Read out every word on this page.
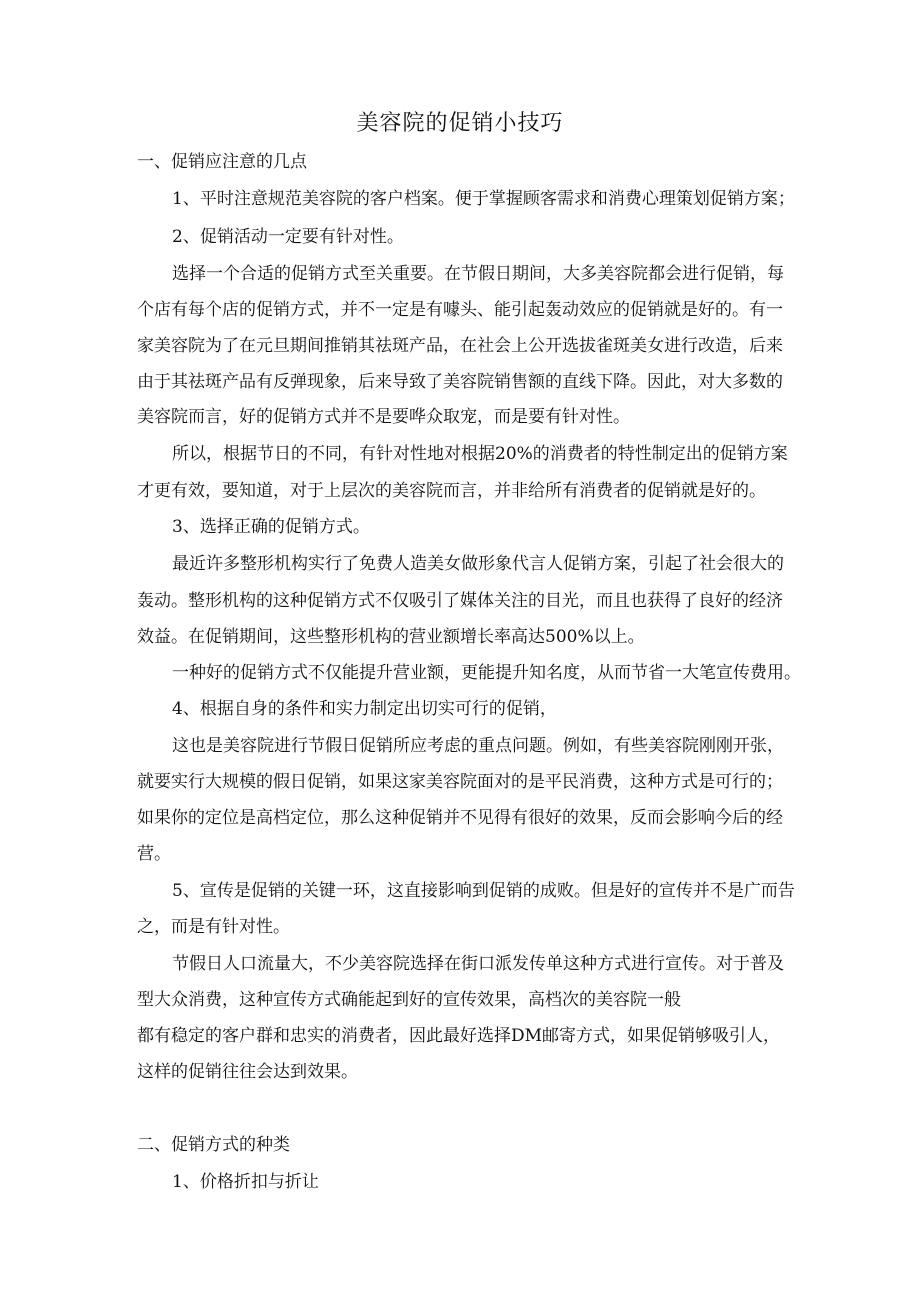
美容院的促销小技巧
一、促销应注意的几点
1、平时注意规范美容院的客户档案。便于掌握顾客需求和消费心理策划促销方案；
2、促销活动一定要有针对性。
选择一个合适的促销方式至关重要。在节假日期间，大多美容院都会进行促销，每
个店有每个店的促销方式，并不一定是有噱头、能引起轰动效应的促销就是好的。有一
家美容院为了在元旦期间推销其祛斑产品，在社会上公开选拔雀斑美女进行改造，后来
由于其祛斑产品有反弹现象，后来导致了美容院销售额的直线下降。因此，对大多数的
美容院而言，好的促销方式并不是要哗众取宠，而是要有针对性。
所以，根据节日的不同，有针对性地对根据20%的消费者的特性制定出的促销方案
才更有效，要知道，对于上层次的美容院而言，并非给所有消费者的促销就是好的。
3、选择正确的促销方式。
最近许多整形机构实行了免费人造美女做形象代言人促销方案，引起了社会很大的
轰动。整形机构的这种促销方式不仅吸引了媒体关注的目光，而且也获得了良好的经济
效益。在促销期间，这些整形机构的营业额增长率高达500%以上。
一种好的促销方式不仅能提升营业额，更能提升知名度，从而节省一大笔宣传费用。
4、根据自身的条件和实力制定出切实可行的促销，
这也是美容院进行节假日促销所应考虑的重点问题。例如，有些美容院刚刚开张，
就要实行大规模的假日促销，如果这家美容院面对的是平民消费，这种方式是可行的；
如果你的定位是高档定位，那么这种促销并不见得有很好的效果，反而会影响今后的经
营。
5、宣传是促销的关键一环，这直接影响到促销的成败。但是好的宣传并不是广而告
之，而是有针对性。
节假日人口流量大，不少美容院选择在街口派发传单这种方式进行宣传。对于普及
型大众消费，这种宣传方式确能起到好的宣传效果，高档次的美容院一般
都有稳定的客户群和忠实的消费者，因此最好选择DM邮寄方式，如果促销够吸引人，
这样的促销往往会达到效果。
二、促销方式的种类
1、价格折扣与折让
